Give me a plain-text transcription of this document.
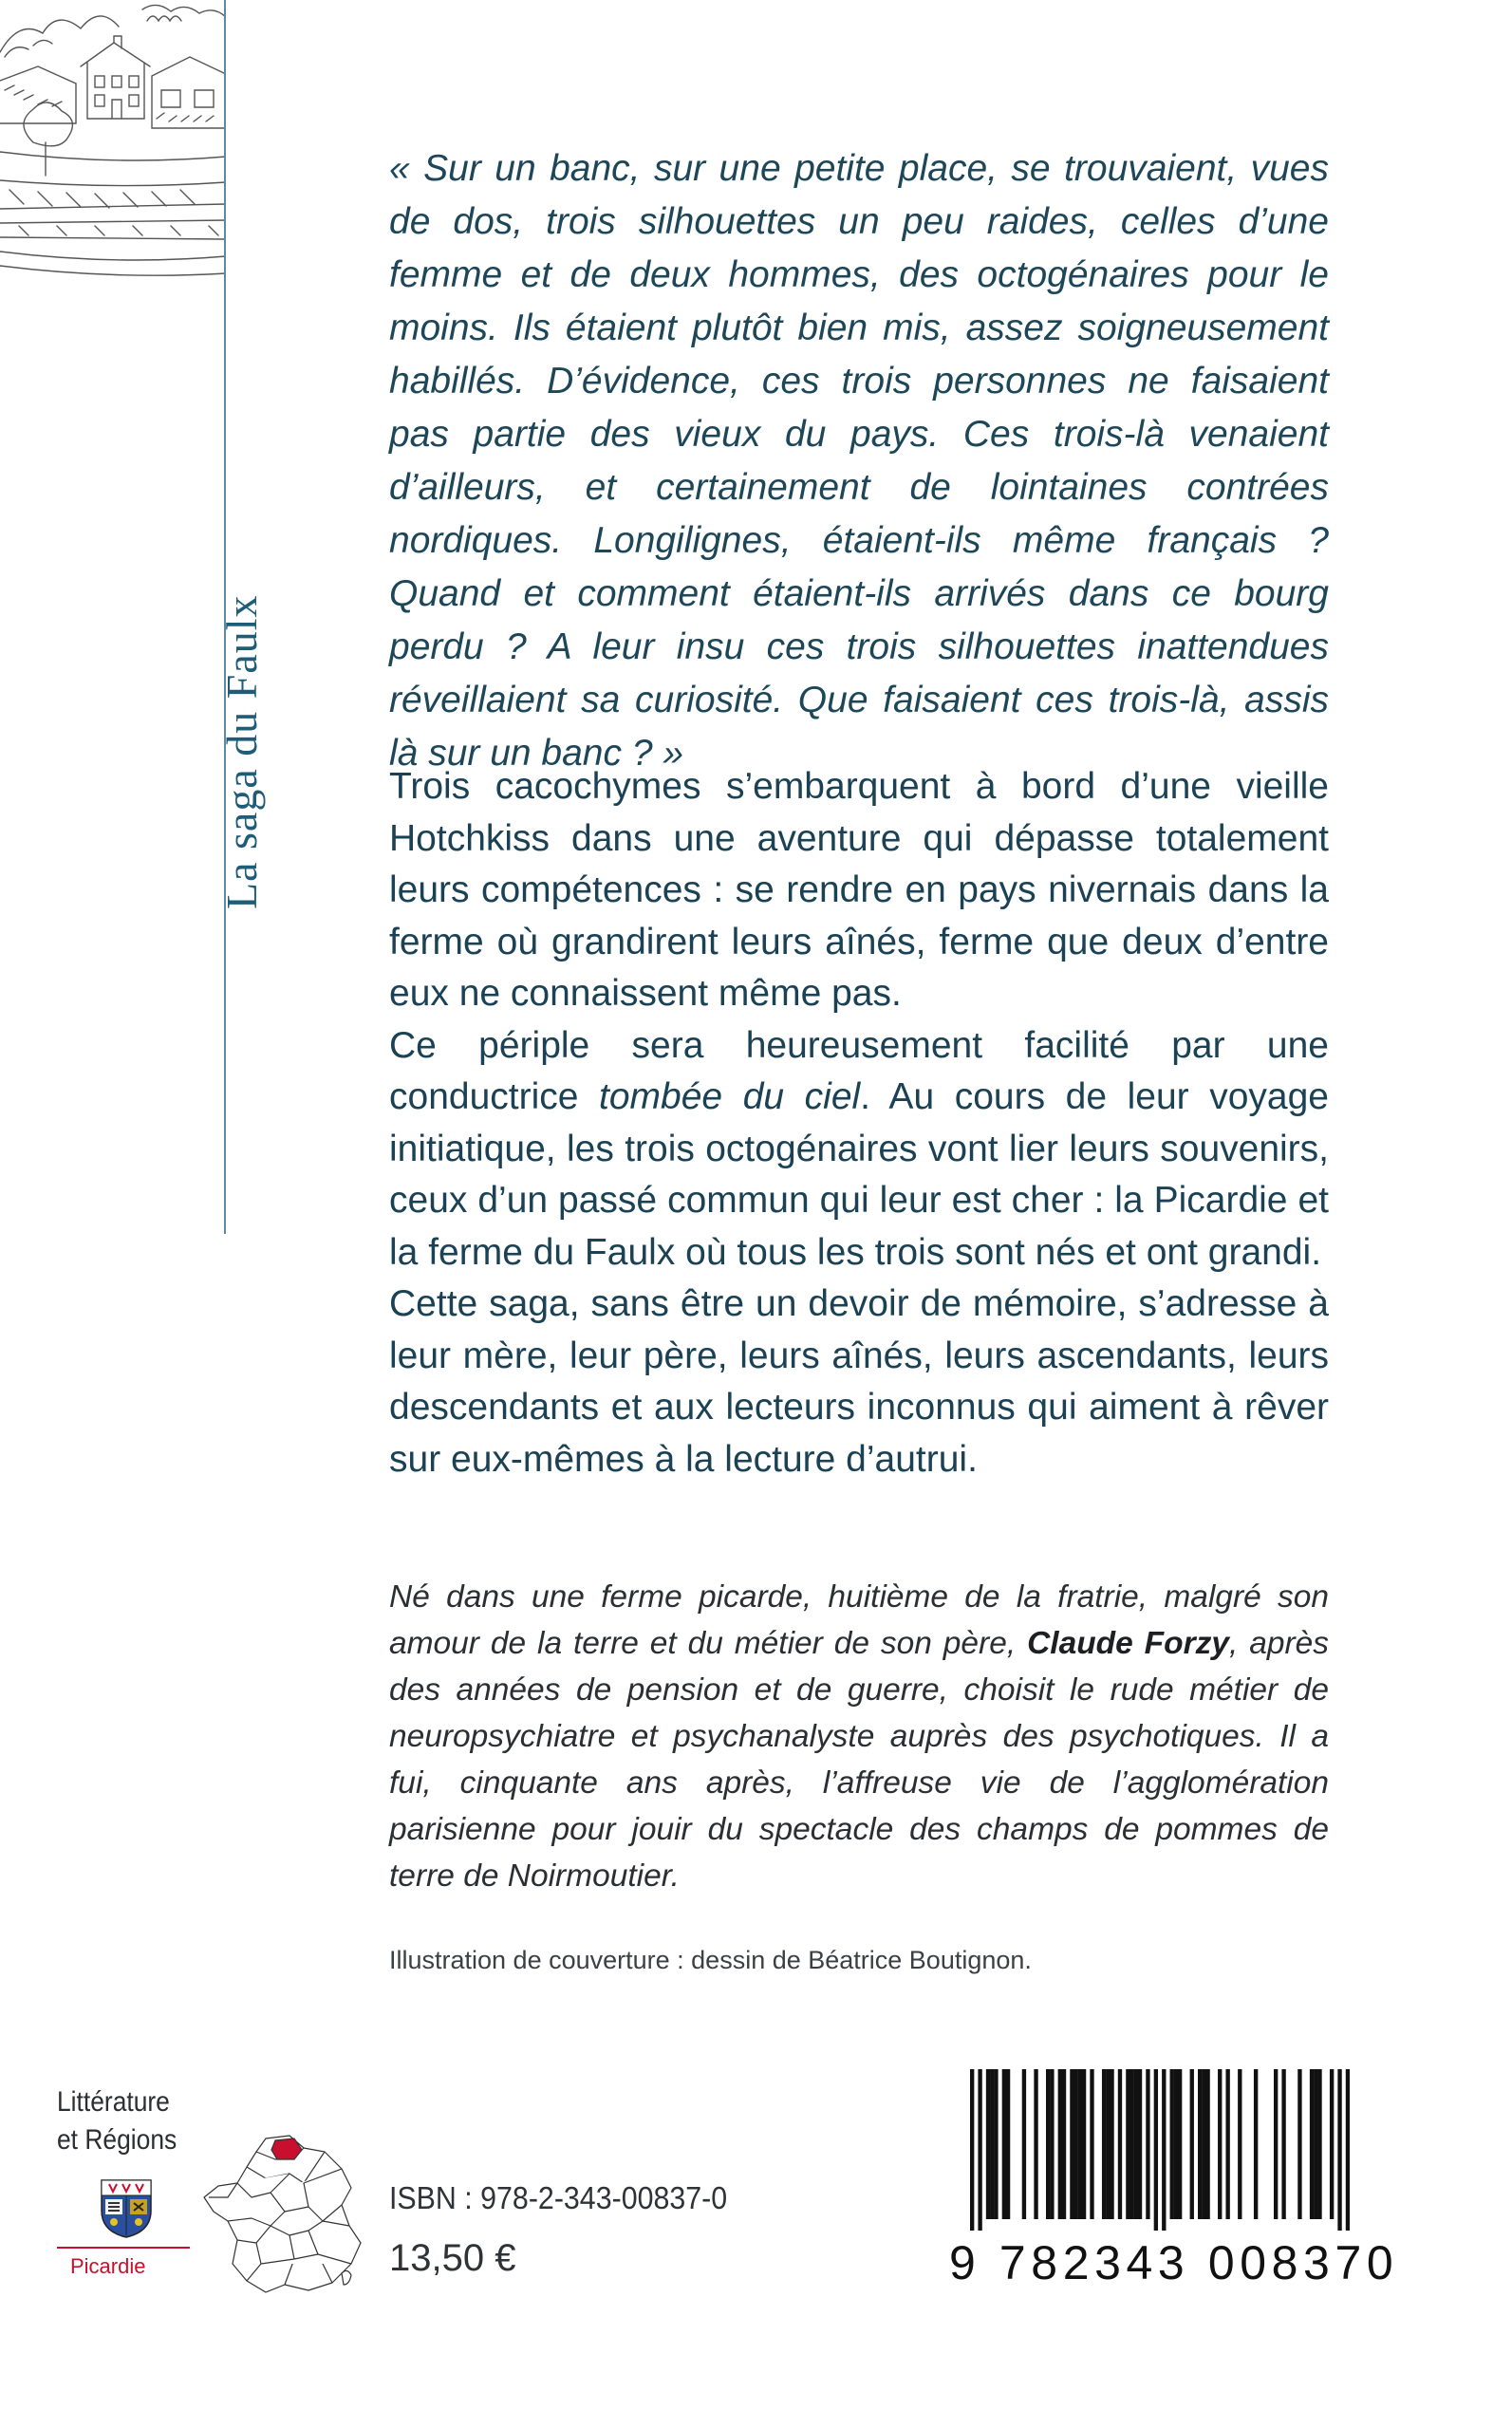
La saga du Faulx

« Sur un banc, sur une petite place, se trouvaient, vues de dos, trois silhouettes un peu raides, celles d’une femme et de deux hommes, des octogénaires pour le moins. Ils étaient plutôt bien mis, assez soigneusement habillés. D’évidence, ces trois personnes ne faisaient pas partie des vieux du pays. Ces trois-là venaient d’ailleurs, et certainement de lointaines contrées nordiques. Longilignes, étaient-ils même français ? Quand et comment étaient-ils arrivés dans ce bourg perdu ? A leur insu ces trois silhouettes inattendues réveillaient sa curiosité. Que faisaient ces trois-là, assis là sur un banc ? »

Trois cacochymes s’embarquent à bord d’une vieille Hotchkiss dans une aventure qui dépasse totalement leurs compétences : se rendre en pays nivernais dans la ferme où grandirent leurs aînés, ferme que deux d’entre eux ne connaissent même pas.

Ce périple sera heureusement facilité par une conductrice tombée du ciel. Au cours de leur voyage initiatique, les trois octogénaires vont lier leurs souvenirs, ceux d’un passé commun qui leur est cher : la Picardie et la ferme du Faulx où tous les trois sont nés et ont grandi.

Cette saga, sans être un devoir de mémoire, s’adresse à leur mère, leur père, leurs aînés, leurs ascendants, leurs descendants et aux lecteurs inconnus qui aiment à rêver sur eux-mêmes à la lecture d’autrui.

Né dans une ferme picarde, huitième de la fratrie, malgré son amour de la terre et du métier de son père, Claude Forzy, après des années de pension et de guerre, choisit le rude métier de neuropsychiatre et psychanalyste auprès des psychotiques. Il a fui, cinquante ans après, l’affreuse vie de l’agglomération parisienne pour jouir du spectacle des champs de pommes de terre de Noirmoutier.

Illustration de couverture : dessin de Béatrice Boutignon.
Littérature
et Régions
Picardie
ISBN : 978-2-343-00837-0
13,50 €	9 782343 008370
